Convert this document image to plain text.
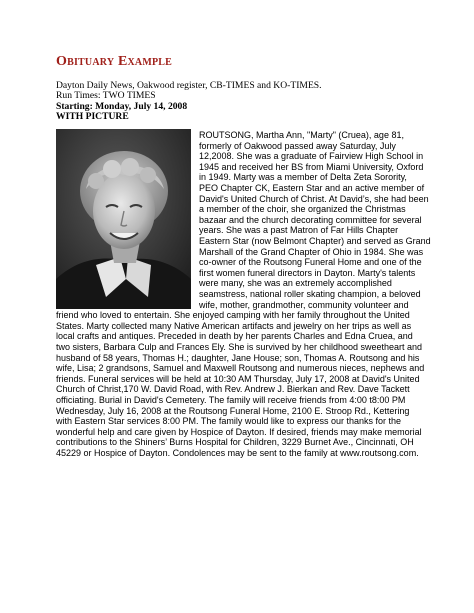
Obituary Example
Dayton Daily News, Oakwood register, CB-TIMES and KO-TIMES.
Run Times: TWO TIMES
Starting: Monday, July 14, 2008
WITH PICTURE
ROUTSONG, Martha Ann, "Marty" (Cruea), age 81,
formerly of Oakwood passed away Saturday, July
12,2008. She was a graduate of Fairview High School in
1945 and received her BS from Miami University, Oxford
in 1949. Marty was a member of Delta Zeta Sorority,
PEO Chapter CK, Eastern Star and an active member of
David's United Church of Christ. At David’s, she had been
a member of the choir, she organized the Christmas
bazaar and the church decorating committee for several
years. She was a past Matron of Far Hills Chapter
Eastern Star (now Belmont Chapter) and served as Grand
Marshall of the Grand Chapter of Ohio in 1984. She was
co-owner of the Routsong Funeral Home and one of the
first women funeral directors in Dayton. Marty's talents
were many, she was an extremely accomplished
seamstress, national roller skating champion, a beloved
wife, mother, grandmother, community volunteer and
friend who loved to entertain. She enjoyed camping with her family throughout the United
States. Marty collected many Native American artifacts and jewelry on her trips as well as
local crafts and antiques. Preceded in death by her parents Charles and Edna Cruea, and
two sisters, Barbara Culp and Frances Ely. She is survived by her childhood sweetheart and
husband of 58 years, Thomas H.; daughter, Jane House; son, Thomas A. Routsong and his
wife, Lisa; 2 grandsons, Samuel and Maxwell Routsong and numerous nieces, nephews and
friends. Funeral services will be held at 10:30 AM Thursday, July 17, 2008 at David's United
Church of Christ,170 W. David Road, with Rev. Andrew J. Bierkan and Rev. Dave Tackett
officiating. Burial in David's Cemetery. The family will receive friends from 4:00 t8:00 PM
Wednesday, July 16, 2008 at the Routsong Funeral Home, 2100 E. Stroop Rd., Kettering
with Eastern Star services 8:00 PM. The family would like to express our thanks for the
wonderful help and care given by Hospice of Dayton. If desired, friends may make memorial
contributions to the Shiners’ Burns Hospital for Children, 3229 Burnet Ave., Cincinnati, OH
45229 or Hospice of Dayton. Condolences may be sent to the family at www.routsong.com.
